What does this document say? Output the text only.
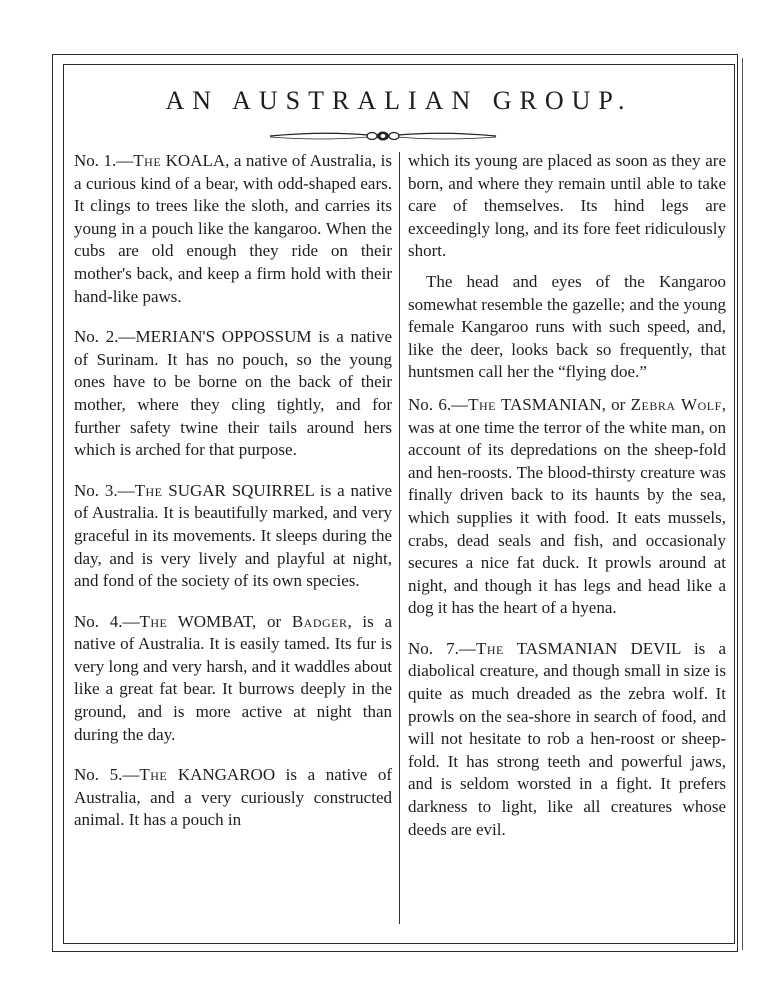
AN AUSTRALIAN GROUP.

No. 1.—The KOALA, a native of Australia, is a curious kind of a bear, with odd-shaped ears. It clings to trees like the sloth, and carries its young in a pouch like the kangaroo. When the cubs are old enough they ride on their mother's back, and keep a firm hold with their hand-like paws.

No. 2.—MERIAN'S OPPOSSUM is a native of Surinam. It has no pouch, so the young ones have to be borne on the back of their mother, where they cling tightly, and for further safety twine their tails around hers which is arched for that purpose.

No. 3.—The SUGAR SQUIRREL is a native of Australia. It is beautifully marked, and very graceful in its movements. It sleeps during the day, and is very lively and playful at night, and fond of the society of its own species.

No. 4.—The WOMBAT, or Badger, is a native of Australia. It is easily tamed. Its fur is very long and very harsh, and it waddles about like a great fat bear. It burrows deeply in the ground, and is more active at night than during the day.

No. 5.—The KANGAROO is a native of Australia, and a very curiously constructed animal. It has a pouch in

which its young are placed as soon as they are born, and where they remain until able to take care of themselves. Its hind legs are exceedingly long, and its fore feet ridiculously short.

The head and eyes of the Kangaroo somewhat resemble the gazelle; and the young female Kangaroo runs with such speed, and, like the deer, looks back so frequently, that huntsmen call her the “flying doe.”

No. 6.—The TASMANIAN, or Zebra Wolf, was at one time the terror of the white man, on account of its depredations on the sheep-fold and hen-roosts. The blood-thirsty creature was finally driven back to its haunts by the sea, which supplies it with food. It eats mussels, crabs, dead seals and fish, and occasionaly secures a nice fat duck. It prowls around at night, and though it has legs and head like a dog it has the heart of a hyena.

No. 7.—The TASMANIAN DEVIL is a diabolical creature, and though small in size is quite as much dreaded as the zebra wolf. It prowls on the sea-shore in search of food, and will not hesitate to rob a hen-roost or sheep-fold. It has strong teeth and powerful jaws, and is seldom worsted in a fight. It prefers darkness to light, like all creatures whose deeds are evil.
